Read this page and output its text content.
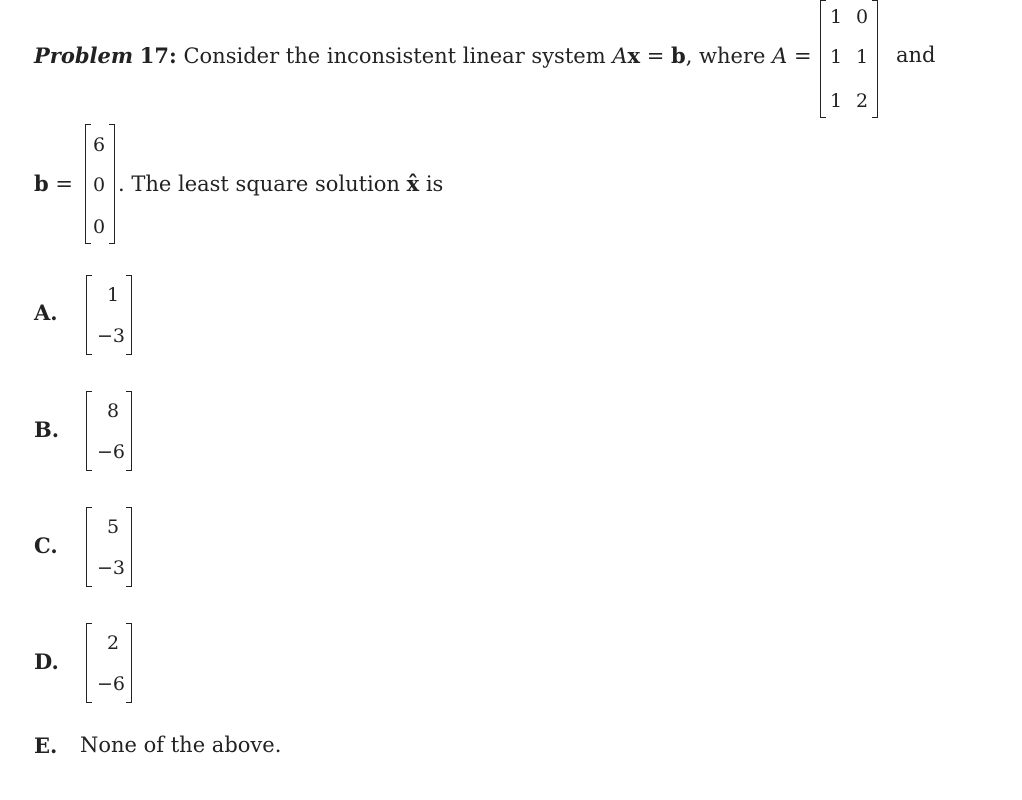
Problem 17: Consider the inconsistent linear system Ax = b, where A =
1 0
1 1
1 2
and
b =
6
0
0
. The least square solution x̂ is
A.
1
−3
B.
8
−6
C.
5
−3
D.
2
−6
E. None of the above.
